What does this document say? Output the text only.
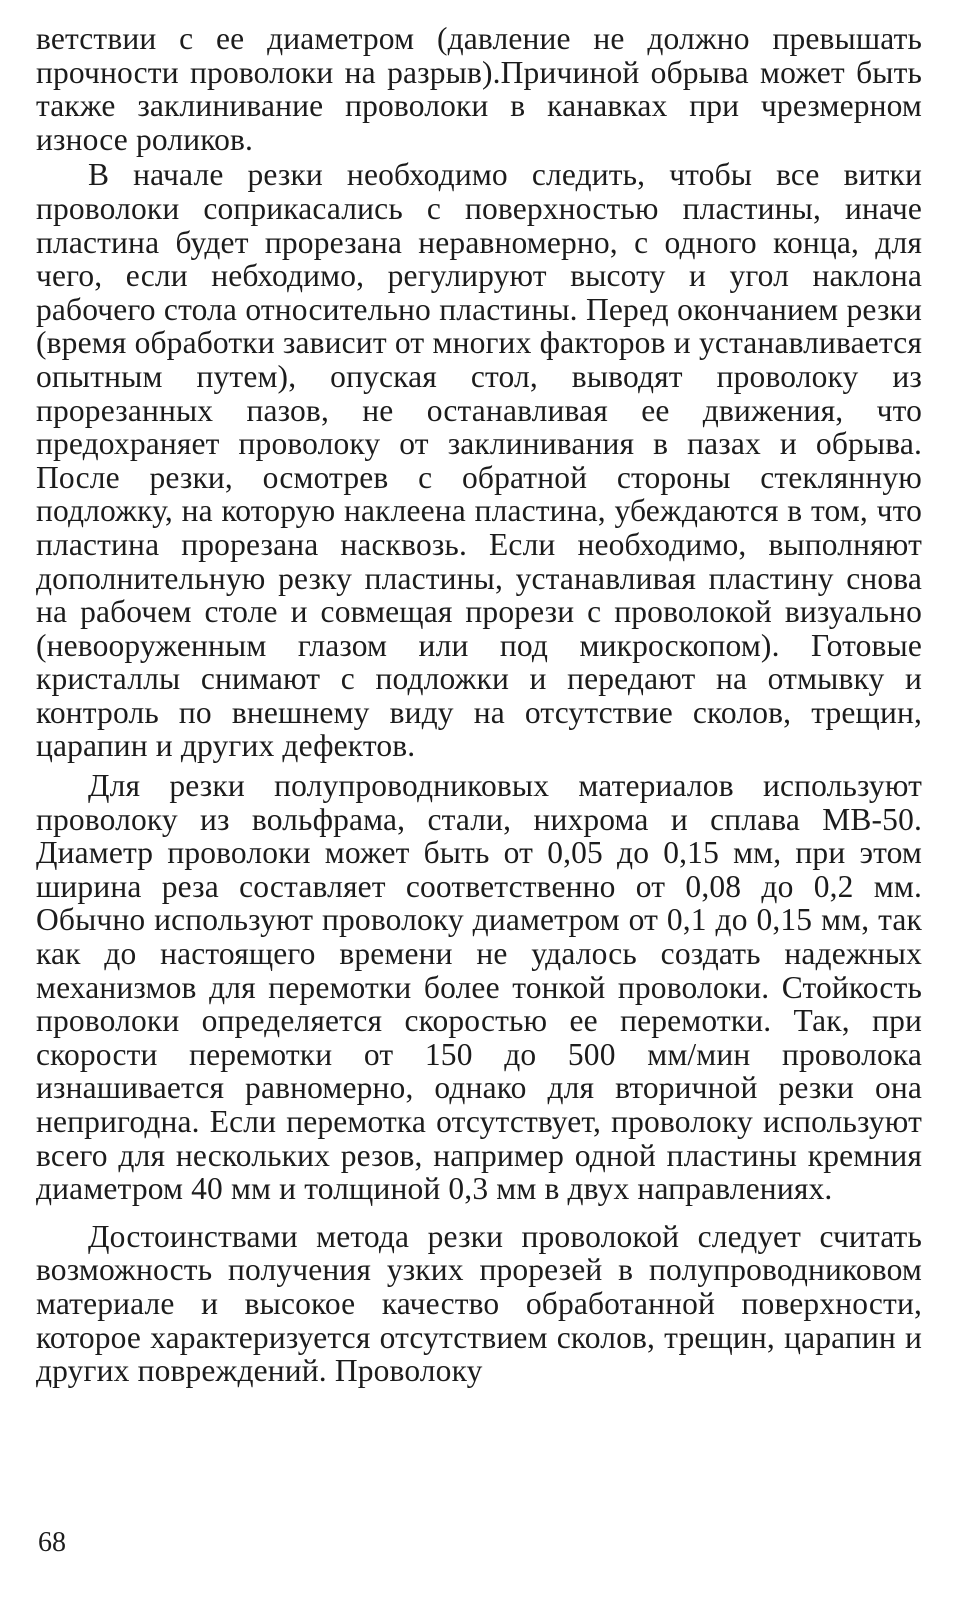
ветствии с ее диаметром (давление не должно превышать прочности проволоки на разрыв).Причиной обрыва может быть также заклинивание проволоки в канавках при чрезмерном износе роликов.

В начале резки необходимо следить, чтобы все витки проволоки соприкасались с поверхностью пластины, иначе пластина будет прорезана неравномерно, с одного конца, для чего, если небходимо, регулируют высоту и угол наклона рабочего стола относительно пластины. Перед окончанием резки (время обработки зависит от многих факторов и устанавливается опытным путем), опуская стол, выводят проволоку из прорезанных пазов, не останавливая ее движения, что предохраняет проволоку от заклинивания в пазах и обрыва. После резки, осмотрев с обратной стороны стеклянную подложку, на которую наклеена пластина, убеждаются в том, что пластина прорезана насквозь. Если необходимо, выполняют дополнительную резку пластины, устанавливая пластину снова на рабочем столе и совмещая прорези с проволокой визуально (невооруженным глазом или под микроскопом). Готовые кристаллы снимают с подложки и передают на отмывку и контроль по внешнему виду на отсутствие сколов, трещин, царапин и других дефектов.

Для резки полупроводниковых материалов используют проволоку из вольфрама, стали, нихрома и сплава МВ-50. Диаметр проволоки может быть от 0,05 до 0,15 мм, при этом ширина реза составляет соответственно от 0,08 до 0,2 мм. Обычно используют проволоку диаметром от 0,1 до 0,15 мм, так как до настоящего времени не удалось создать надежных механизмов для перемотки более тонкой проволоки. Стойкость проволоки определяется скоростью ее перемотки. Так, при скорости перемотки от 150 до 500 мм/мин проволока изнашивается равномерно, однако для вторичной резки она непригодна. Если перемотка отсутствует, проволоку используют всего для нескольких резов, например одной пластины кремния диаметром 40 мм и толщиной 0,3 мм в двух направлениях.

Достоинствами метода резки проволокой следует считать возможность получения узких прорезей в полупроводниковом материале и высокое качество обработанной поверхности, которое характеризуется отсутствием сколов, трещин, царапин и других повреждений. Проволоку

68
